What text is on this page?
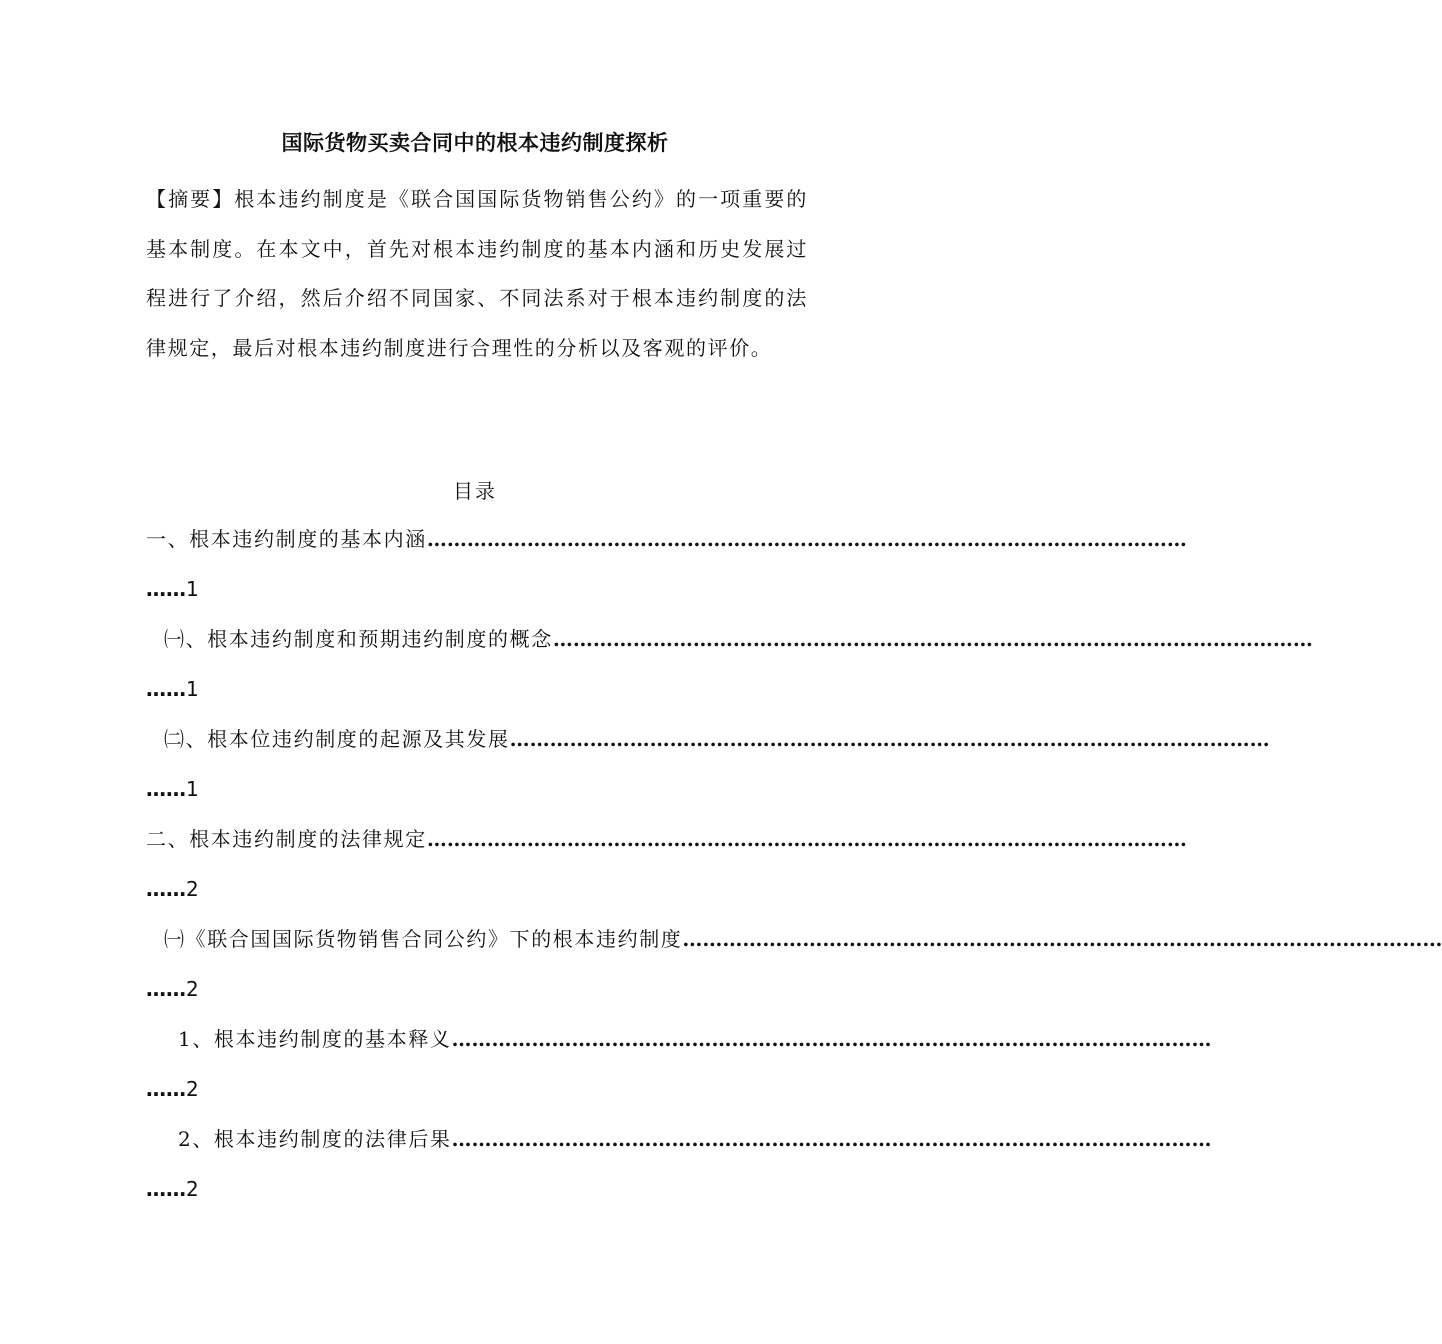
国际货物买卖合同中的根本违约制度探析

【摘要】根本违约制度是《联合国国际货物销售公约》的一项重要的基本制度。在本文中，首先对根本违约制度的基本内涵和历史发展过程进行了介绍，然后介绍不同国家、不同法系对于根本违约制度的法律规定，最后对根本违约制度进行合理性的分析以及客观的评价。

目录
一、根本违约制度的基本内涵 ……………………………………………………………………………………………………
……1
㈠、根本违约制度和预期违约制度的概念 ……………………………………………………………………………………………………
……1
㈡、根本位违约制度的起源及其发展 ……………………………………………………………………………………………………
……1
二、根本违约制度的法律规定 ……………………………………………………………………………………………………
……2
㈠《联合国国际货物销售合同公约》下的根本违约制度 ……………………………………………………………………………………………………
……2
1、根本违约制度的基本释义 ……………………………………………………………………………………………………
……2
2、根本违约制度的法律后果 ……………………………………………………………………………………………………
……2
